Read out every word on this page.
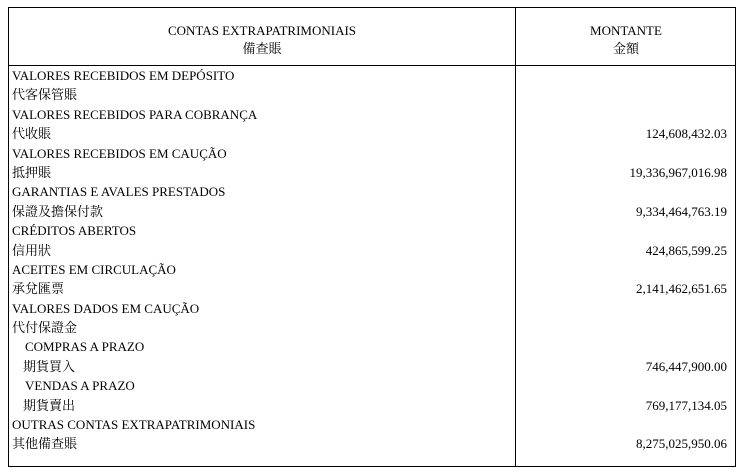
CONTAS EXTRAPATRIMONIAIS
備查賬
MONTANTE
金額
VALORES RECEBIDOS EM DEPÓSITO
代客保管賬
VALORES RECEBIDOS PARA COBRANÇA
代收賬	124,608,432.03
VALORES RECEBIDOS EM CAUÇÃO
抵押賬	19,336,967,016.98
GARANTIAS E AVALES PRESTADOS
保證及擔保付款	9,334,464,763.19
CRÉDITOS ABERTOS
信用狀	424,865,599.25
ACEITES EM CIRCULAÇÃO
承兌匯票	2,141,462,651.65
VALORES DADOS EM CAUÇÃO
代付保證金
COMPRAS A PRAZO
期貨買入	746,447,900.00
VENDAS A PRAZO
期貨賣出	769,177,134.05
OUTRAS CONTAS EXTRAPATRIMONIAIS
其他備查賬	8,275,025,950.06
